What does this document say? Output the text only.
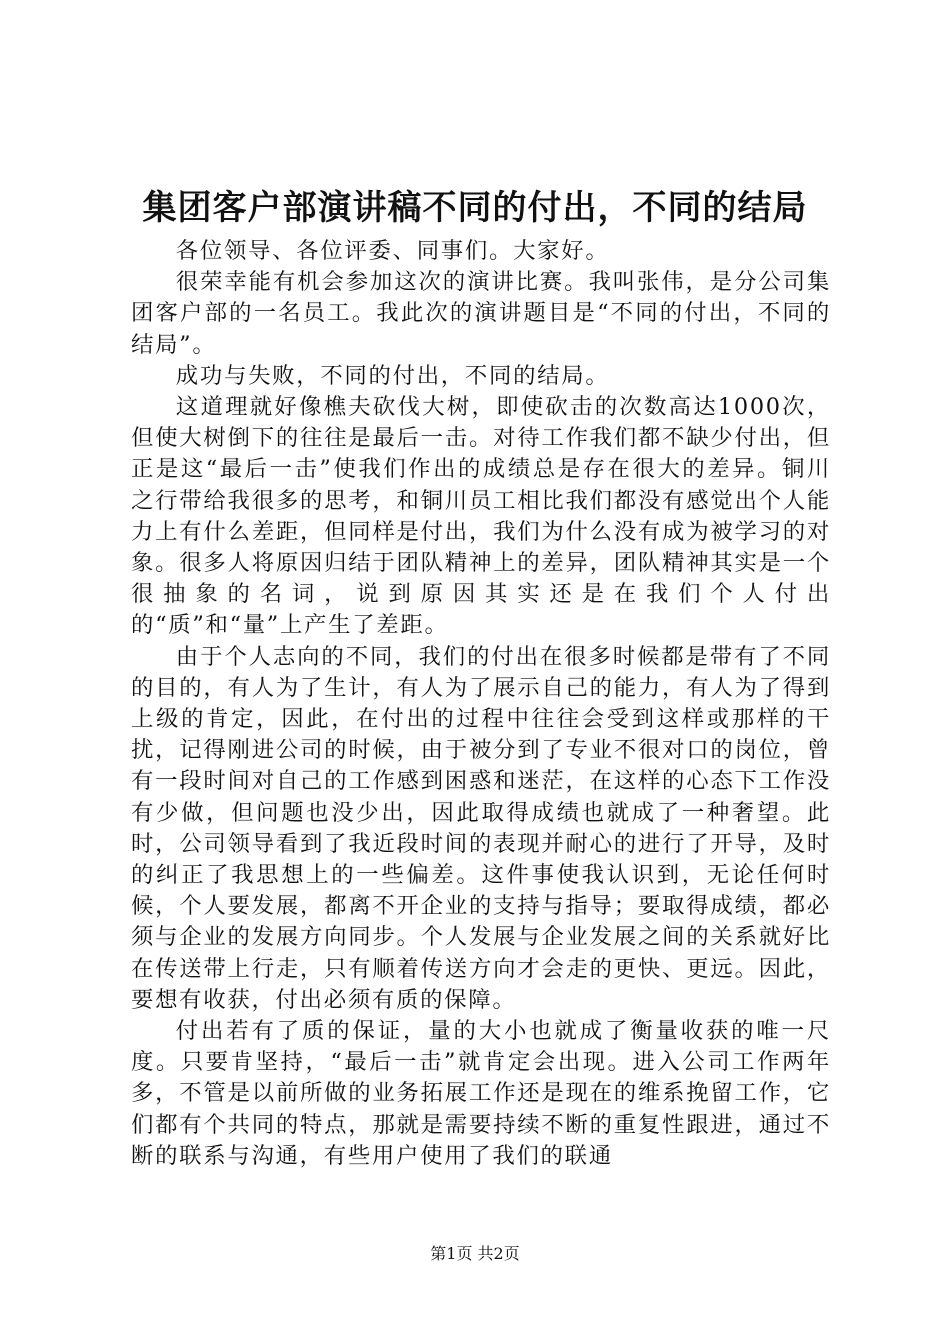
集团客户部演讲稿不同的付出，不同的结局

各位领导、各位评委、同事们。大家好。

很荣幸能有机会参加这次的演讲比赛。我叫张伟，是分公司集团客户部的一名员工。我此次的演讲题目是“不同的付出，不同的结局”。

成功与失败，不同的付出，不同的结局。

这道理就好像樵夫砍伐大树，即使砍击的次数高达1000次，但使大树倒下的往往是最后一击。对待工作我们都不缺少付出，但正是这“最后一击”使我们作出的成绩总是存在很大的差异。铜川之行带给我很多的思考，和铜川员工相比我们都没有感觉出个人能力上有什么差距，但同样是付出，我们为什么没有成为被学习的对象。很多人将原因归结于团队精神上的差异，团队精神其实是一个很抽象的名词，说到原因其实还是在我们个人付出的“质”和“量”上产生了差距。

由于个人志向的不同，我们的付出在很多时候都是带有了不同的目的，有人为了生计，有人为了展示自己的能力，有人为了得到上级的肯定，因此，在付出的过程中往往会受到这样或那样的干扰，记得刚进公司的时候，由于被分到了专业不很对口的岗位，曾有一段时间对自己的工作感到困惑和迷茫，在这样的心态下工作没有少做，但问题也没少出，因此取得成绩也就成了一种奢望。此时，公司领导看到了我近段时间的表现并耐心的进行了开导，及时的纠正了我思想上的一些偏差。这件事使我认识到，无论任何时候，个人要发展，都离不开企业的支持与指导；要取得成绩，都必须与企业的发展方向同步。个人发展与企业发展之间的关系就好比在传送带上行走，只有顺着传送方向才会走的更快、更远。因此，要想有收获，付出必须有质的保障。

付出若有了质的保证，量的大小也就成了衡量收获的唯一尺度。只要肯坚持，“最后一击”就肯定会出现。进入公司工作两年多，不管是以前所做的业务拓展工作还是现在的维系挽留工作，它们都有个共同的特点，那就是需要持续不断的重复性跟进，通过不断的联系与沟通，有些用户使用了我们的联通

第1页 共2页
